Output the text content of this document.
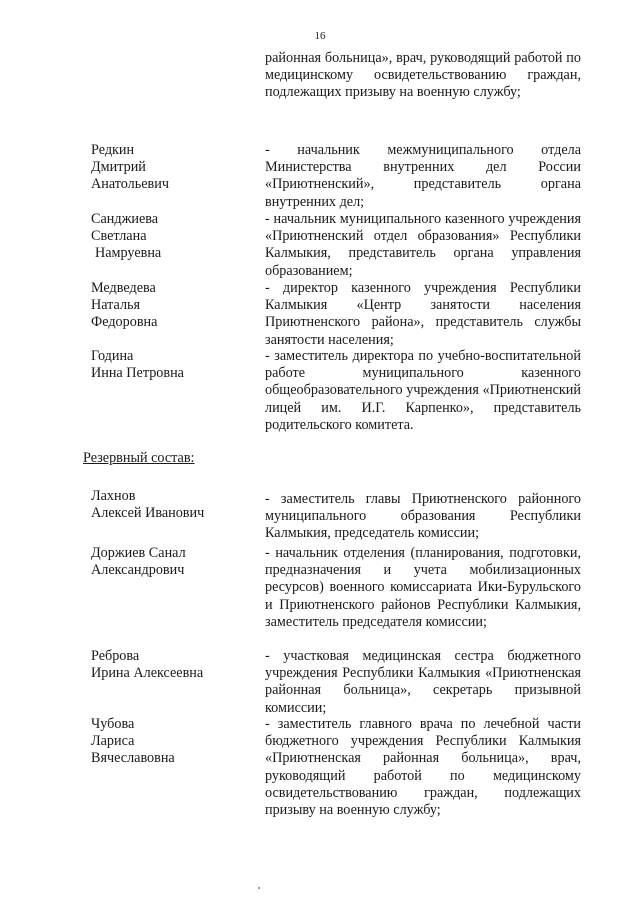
16

районная больница», врач, руководящий работой по медицинскому освидетельствованию граждан, подлежащих призыву на военную службу;

Редкин
Дмитрий
Анатольевич

- начальник межмуниципального отдела Министерства внутренних дел России «Приютненский», представитель органа внутренних дел;

Санджиева
Светлана
Намруевна

- начальник муниципального казенного учреждения «Приютненский отдел образования» Республики Калмыкия, представитель органа управления образованием;

Медведева
Наталья
Федоровна

- директор казенного учреждения Республики Калмыкия «Центр занятости населения Приютненского района», представитель службы занятости населения;

Година
Инна Петровна

- заместитель директора по учебно-воспитательной работе муниципального казенного общеобразовательного учреждения «Приютненский лицей им. И.Г. Карпенко», представитель родительского комитета.

Резервный состав:
Лахнов
Алексей Иванович

- заместитель главы Приютненского районного муниципального образования Республики Калмыкия, председатель комиссии;

Доржиев Санал
Александрович

- начальник отделения (планирования, подготовки, предназначения и учета мобилизационных ресурсов) военного комиссариата Ики-Бурульского и Приютненского районов Республики Калмыкия, заместитель председателя комиссии;

Реброва
Ирина Алексеевна

- участковая медицинская сестра бюджетного учреждения Республики Калмыкия «Приютненская районная больница», секретарь призывной комиссии;

Чубова
Лариса
Вячеславовна

- заместитель главного врача по лечебной части бюджетного учреждения Республики Калмыкия «Приютненская районная больница», врач, руководящий работой по медицинскому освидетельствованию граждан, подлежащих призыву на военную службу;
